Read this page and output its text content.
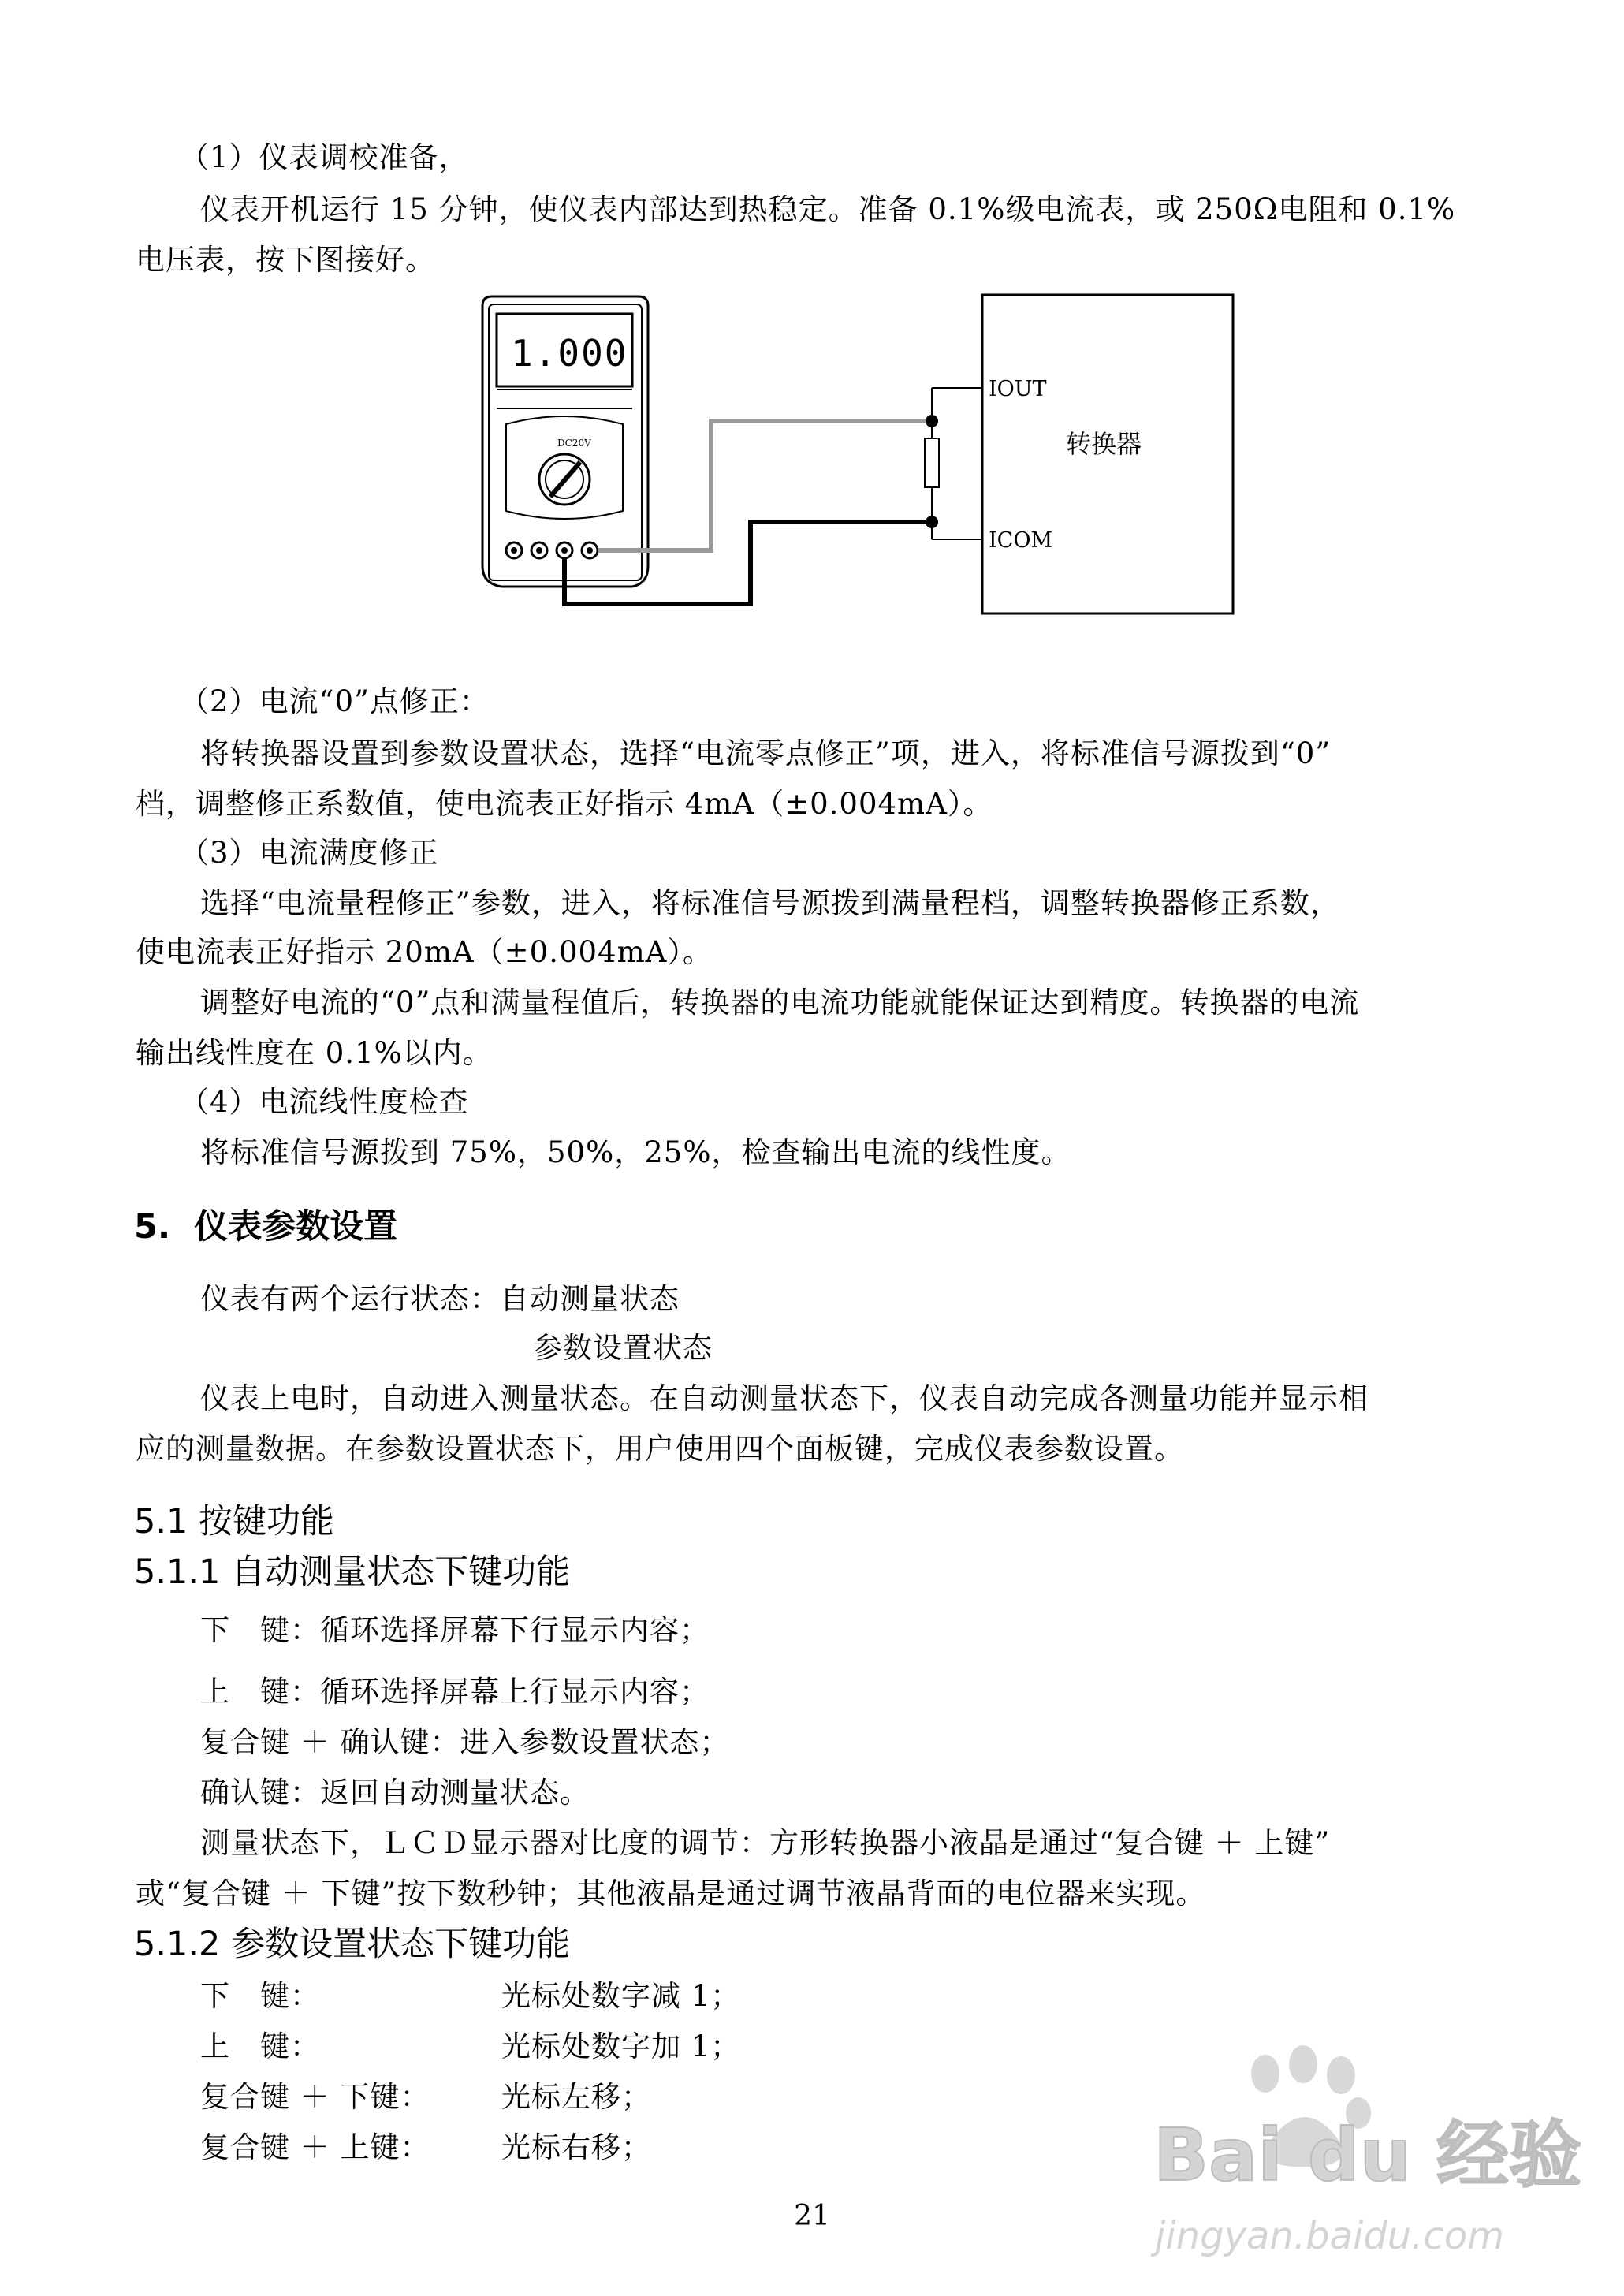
（1）仪表调校准备，
仪表开机运行 15 分钟，使仪表内部达到热稳定。准备 0.1%级电流表，或 250Ω电阻和 0.1%
电压表，按下图接好。
1.000
DC20V
IOUT
ICOM
转换器
（2）电流“0”点修正：
将转换器设置到参数设置状态，选择“电流零点修正”项，进入，将标准信号源拨到“0”
档，调整修正系数值，使电流表正好指示 4mA（±0.004mA）。
（3）电流满度修正
选择“电流量程修正”参数，进入，将标准信号源拨到满量程档，调整转换器修正系数，
使电流表正好指示 20mA（±0.004mA）。
调整好电流的“0”点和满量程值后，转换器的电流功能就能保证达到精度。转换器的电流
输出线性度在 0.1%以内。
（4）电流线性度检查
将标准信号源拨到 75%，50%，25%，检查输出电流的线性度。
5. 仪表参数设置
仪表有两个运行状态：自动测量状态
参数设置状态
仪表上电时，自动进入测量状态。在自动测量状态下，仪表自动完成各测量功能并显示相
应的测量数据。在参数设置状态下，用户使用四个面板键，完成仪表参数设置。
5.1 按键功能
5.1.1 自动测量状态下键功能
下　键：循环选择屏幕下行显示内容；
上　键：循环选择屏幕上行显示内容；
复合键 ＋ 确认键：进入参数设置状态；
确认键：返回自动测量状态。
测量状态下，ＬＣＤ显示器对比度的调节：方形转换器小液晶是通过“复合键 ＋ 上键”
或“复合键 ＋ 下键”按下数秒钟；其他液晶是通过调节液晶背面的电位器来实现。
5.1.2 参数设置状态下键功能
下　键：	光标处数字减 1；
上　键：	光标处数字加 1；
复合键 ＋ 下键： 光标左移；
复合键 ＋ 上键： 光标右移；
21
Bai du 经验
jingyan.baidu.com
